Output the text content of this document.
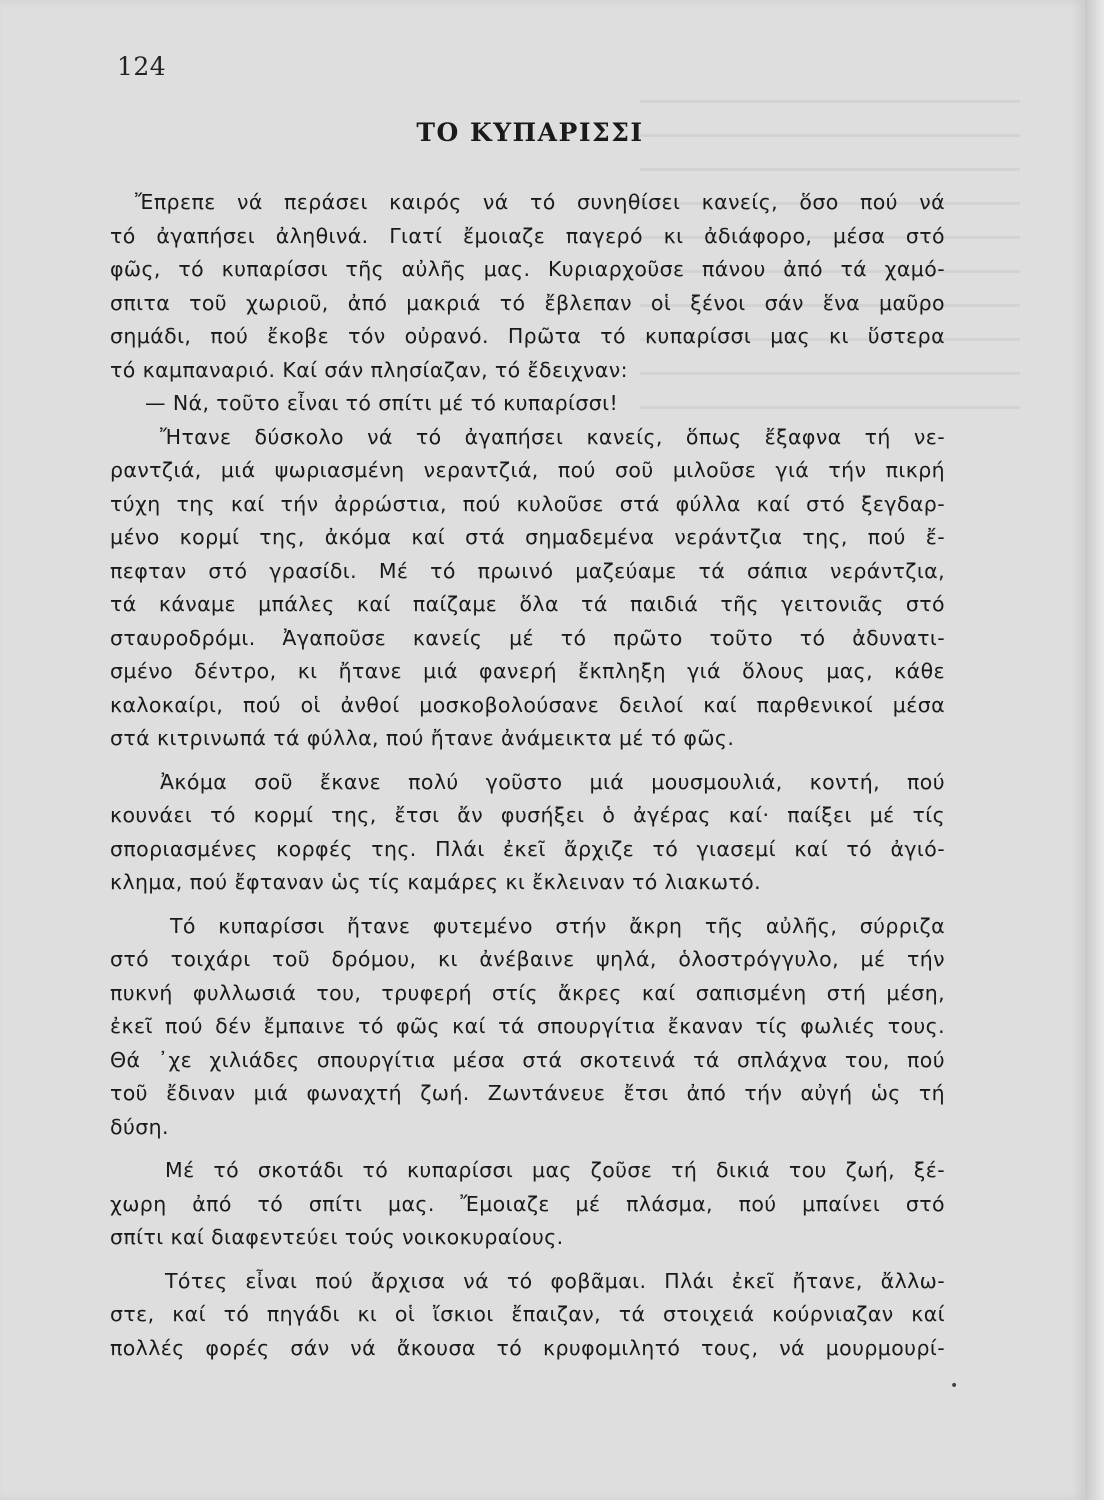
124
ΤΟ ΚΥΠΑΡΙΣΣΙ
Ἔπρεπε νά περάσει καιρός νά τό συνηθίσει κανείς, ὅσο πού νά
τό ἀγαπήσει ἀληθινά. Γιατί ἔμοιαζε παγερό κι ἀδιάφορο, μέσα στό
φῶς, τό κυπαρίσσι τῆς αὐλῆς μας. Κυριαρχοῦσε πάνου ἀπό τά χαμό-
σπιτα τοῦ χωριοῦ, ἀπό μακριά τό ἔβλεπαν οἱ ξένοι σάν ἕνα μαῦρο
σημάδι, πού ἔκοβε τόν οὐρανό. Πρῶτα τό κυπαρίσσι μας κι ὕστερα
τό καμπαναριό. Καί σάν πλησίαζαν, τό ἔδειχναν:
— Νά, τοῦτο εἶναι τό σπίτι μέ τό κυπαρίσσι!
Ἤτανε δύσκολο νά τό ἀγαπήσει κανείς, ὅπως ἔξαφνα τή νε-
ραντζιά, μιά ψωριασμένη νεραντζιά, πού σοῦ μιλοῦσε γιά τήν πικρή
τύχη της καί τήν ἀρρώστια, πού κυλοῦσε στά φύλλα καί στό ξεγδαρ-
μένο κορμί της, ἀκόμα καί στά σημαδεμένα νεράντζια της, πού ἔ-
πεφταν στό γρασίδι. Μέ τό πρωινό μαζεύαμε τά σάπια νεράντζια,
τά κάναμε μπάλες καί παίζαμε ὅλα τά παιδιά τῆς γειτονιᾶς στό
σταυροδρόμι. Ἀγαποῦσε κανείς μέ τό πρῶτο τοῦτο τό ἀδυνατι-
σμένο δέντρο, κι ἤτανε μιά φανερή ἔκπληξη γιά ὅλους μας, κάθε
καλοκαίρι, πού οἱ ἀνθοί μοσκοβολούσανε δειλοί καί παρθενικοί μέσα
στά κιτρινωπά τά φύλλα, πού ἤτανε ἀνάμεικτα μέ τό φῶς.
Ἀκόμα σοῦ ἔκανε πολύ γοῦστο μιά μουσμουλιά, κοντή, πού
κουνάει τό κορμί της, ἔτσι ἄν φυσήξει ὁ ἀγέρας καί· παίξει μέ τίς
σποριασμένες κορφές της. Πλάι ἐκεῖ ἄρχιζε τό γιασεμί καί τό ἀγιό-
κλημα, πού ἔφταναν ὡς τίς καμάρες κι ἔκλειναν τό λιακωτό.
Τό κυπαρίσσι ἤτανε φυτεμένο στήν ἄκρη τῆς αὐλῆς, σύρριζα
στό τοιχάρι τοῦ δρόμου, κι ἀνέβαινε ψηλά, ὁλοστρόγγυλο, μέ τήν
πυκνή φυλλωσιά του, τρυφερή στίς ἄκρες καί σαπισμένη στή μέση,
ἐκεῖ πού δέν ἔμπαινε τό φῶς καί τά σπουργίτια ἔκαναν τίς φωλιές τους.
Θά ᾽χε χιλιάδες σπουργίτια μέσα στά σκοτεινά τά σπλάχνα του, πού
τοῦ ἔδιναν μιά φωναχτή ζωή. Ζωντάνευε ἔτσι ἀπό τήν αὐγή ὡς τή
δύση.
Μέ τό σκοτάδι τό κυπαρίσσι μας ζοῦσε τή δικιά του ζωή, ξέ-
χωρη ἀπό τό σπίτι μας. Ἔμοιαζε μέ πλάσμα, πού μπαίνει στό
σπίτι καί διαφεντεύει τούς νοικοκυραίους.
Τότες εἶναι πού ἄρχισα νά τό φοβᾶμαι. Πλάι ἐκεῖ ἤτανε, ἄλλω-
στε, καί τό πηγάδι κι οἱ ἴσκιοι ἔπαιζαν, τά στοιχειά κούρνιαζαν καί
πολλές φορές σάν νά ἄκουσα τό κρυφομιλητό τους, νά μουρμουρί-
•
